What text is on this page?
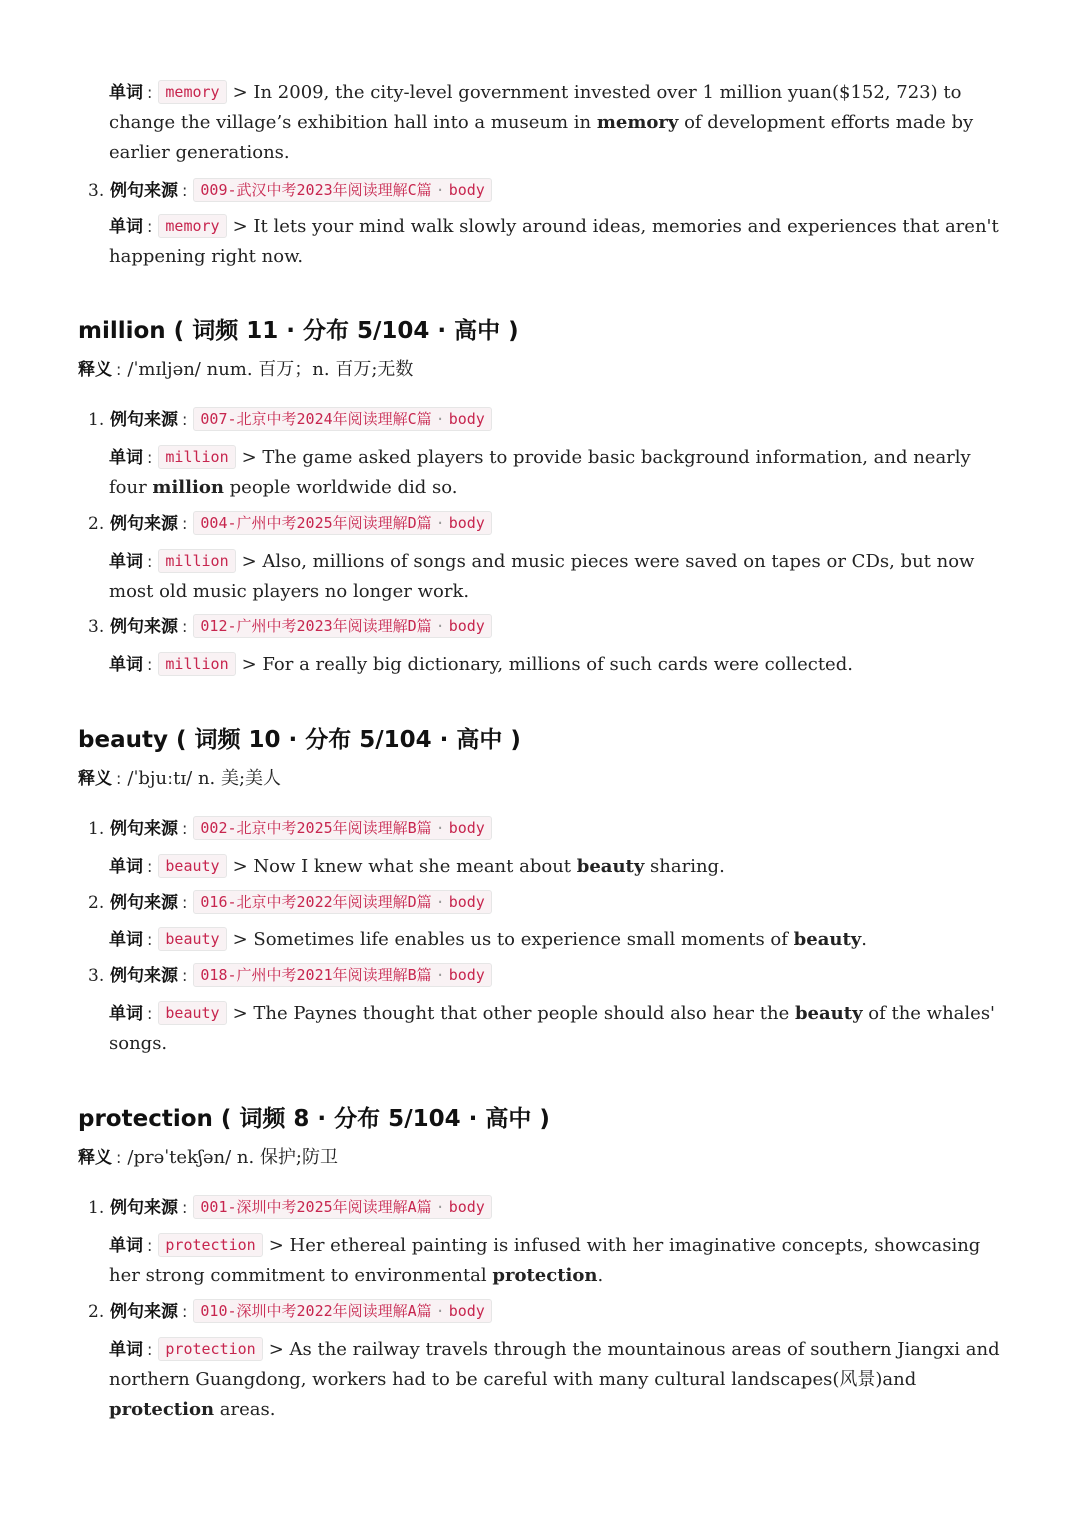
单词 : memory > In 2009, the city-level government invested over 1 million yuan($152, 723) to change the village’s exhibition hall into a museum in memory of development efforts made by earlier generations.
3. 例句来源 : 009-武汉中考2023年阅读理解C篇 · body
单词 : memory > It lets your mind walk slowly around ideas, memories and experiences that aren't happening right now.
million ( 词频 11 · 分布 5/104 · 高中 )
释义 : /ˈmɪljən/ num. 百万；n. 百万;无数
1. 例句来源 : 007-北京中考2024年阅读理解C篇 · body
单词 : million > The game asked players to provide basic background information, and nearly four million people worldwide did so.
2. 例句来源 : 004-广州中考2025年阅读理解D篇 · body
单词 : million > Also, millions of songs and music pieces were saved on tapes or CDs, but now most old music players no longer work.
3. 例句来源 : 012-广州中考2023年阅读理解D篇 · body
单词 : million > For a really big dictionary, millions of such cards were collected.
beauty ( 词频 10 · 分布 5/104 · 高中 )
释义 : /ˈbjuːtɪ/ n. 美;美人
1. 例句来源 : 002-北京中考2025年阅读理解B篇 · body
单词 : beauty > Now I knew what she meant about beauty sharing.
2. 例句来源 : 016-北京中考2022年阅读理解D篇 · body
单词 : beauty > Sometimes life enables us to experience small moments of beauty.
3. 例句来源 : 018-广州中考2021年阅读理解B篇 · body
单词 : beauty > The Paynes thought that other people should also hear the beauty of the whales' songs.
protection ( 词频 8 · 分布 5/104 · 高中 )
释义 : /prəˈtekʃən/ n. 保护;防卫
1. 例句来源 : 001-深圳中考2025年阅读理解A篇 · body
单词 : protection > Her ethereal painting is infused with her imaginative concepts, showcasing her strong commitment to environmental protection.
2. 例句来源 : 010-深圳中考2022年阅读理解A篇 · body
单词 : protection > As the railway travels through the mountainous areas of southern Jiangxi and northern Guangdong, workers had to be careful with many cultural landscapes(风景)and protection areas.
